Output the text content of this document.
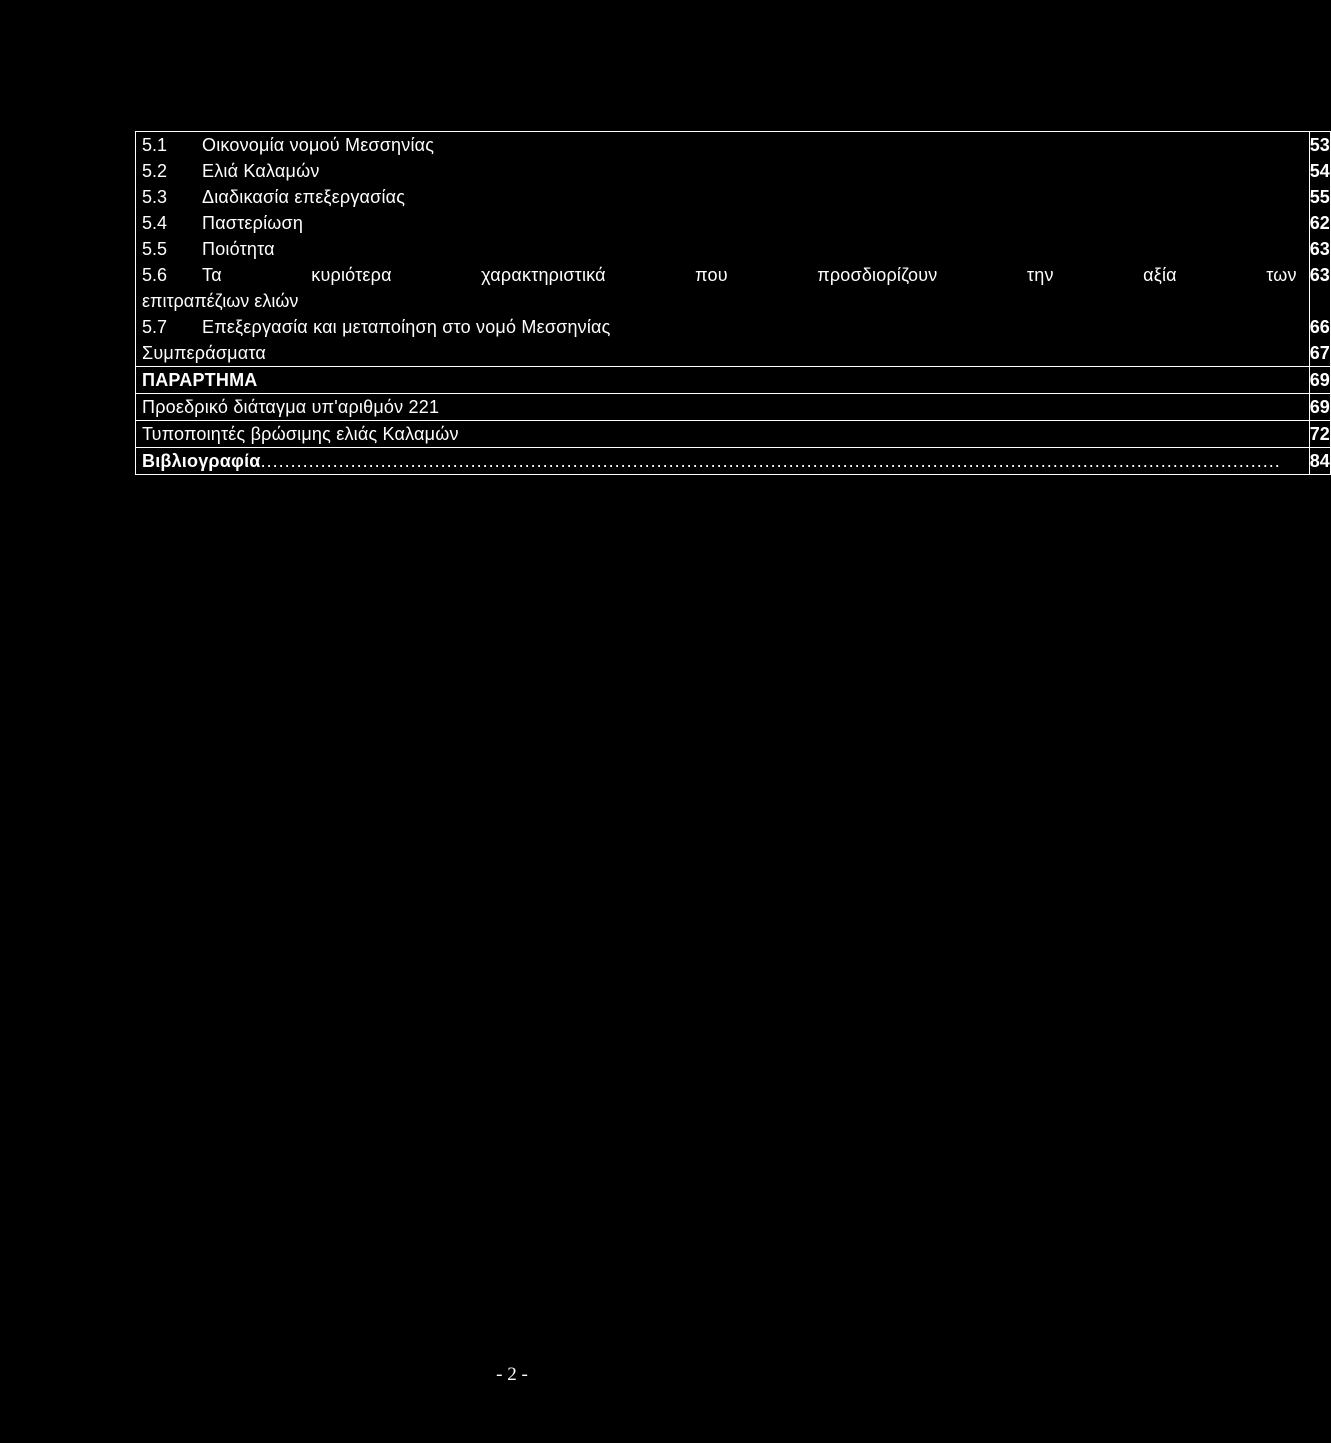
5.1 Οικονομία νομού Μεσσηνίας	53
5.2 Ελιά Καλαμών	54
5.3 Διαδικασία επεξεργασίας	55
5.4 Παστερίωση	62
5.5 Ποιότητα	63

5.6 Τα κυριότερα χαρακτηριστικά που προσδιορίζουν την αξία των
επιτραπέζιων ελιών	63
5.7 Επεξεργασία και μεταποίηση στο νομό Μεσσηνίας	66
Συμπεράσματα	67
ΠΑΡΑΡΤΗΜΑ	69
Προεδρικό διάταγμα υπ'αριθμόν 221	69
Τυποποιητές βρώσιμης ελιάς Καλαμών	72

Βιβλιογραφία
.....	84
- 2 -
